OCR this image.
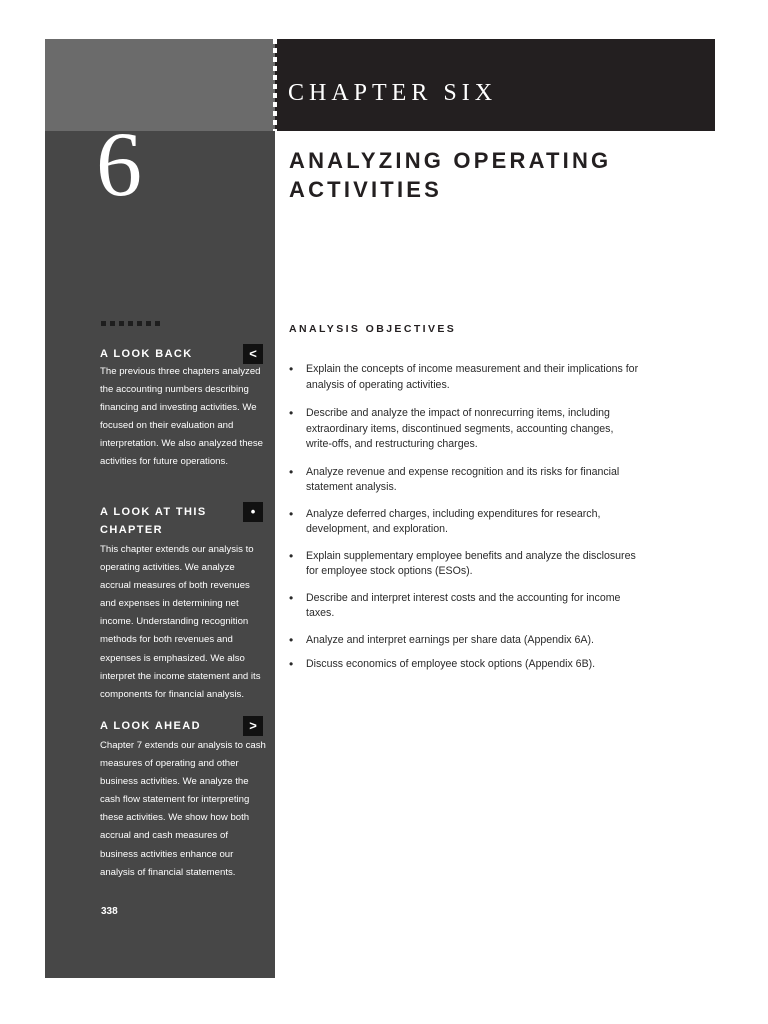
6
CHAPTER SIX
ANALYZING OPERATING
ACTIVITIES
A LOOK BACK	<
The previous three chapters analyzed the accounting numbers describing financing and investing activities. We focused on their evaluation and interpretation. We also analyzed these activities for future operations.
A LOOK AT THIS CHAPTER
•
This chapter extends our analysis to operating activities. We analyze accrual measures of both revenues and expenses in determining net income. Understanding recognition methods for both revenues and expenses is emphasized. We also interpret the income statement and its components for financial analysis.
A LOOK AHEAD	>
Chapter 7 extends our analysis to cash measures of operating and other business activities. We analyze the cash flow statement for interpreting these activities. We show how both accrual and cash measures of business activities enhance our analysis of financial statements.
338
ANALYSIS OBJECTIVES
• Explain the concepts of income measurement and their implications for analysis of operating activities.
• Describe and analyze the impact of nonrecurring items, including extraordinary items, discontinued segments, accounting changes, write-offs, and restructuring charges.
• Analyze revenue and expense recognition and its risks for financial statement analysis.
• Analyze deferred charges, including expenditures for research, development, and exploration.
• Explain supplementary employee benefits and analyze the disclosures for employee stock options (ESOs).
• Describe and interpret interest costs and the accounting for income taxes.
• Analyze and interpret earnings per share data (Appendix 6A).
• Discuss economics of employee stock options (Appendix 6B).
